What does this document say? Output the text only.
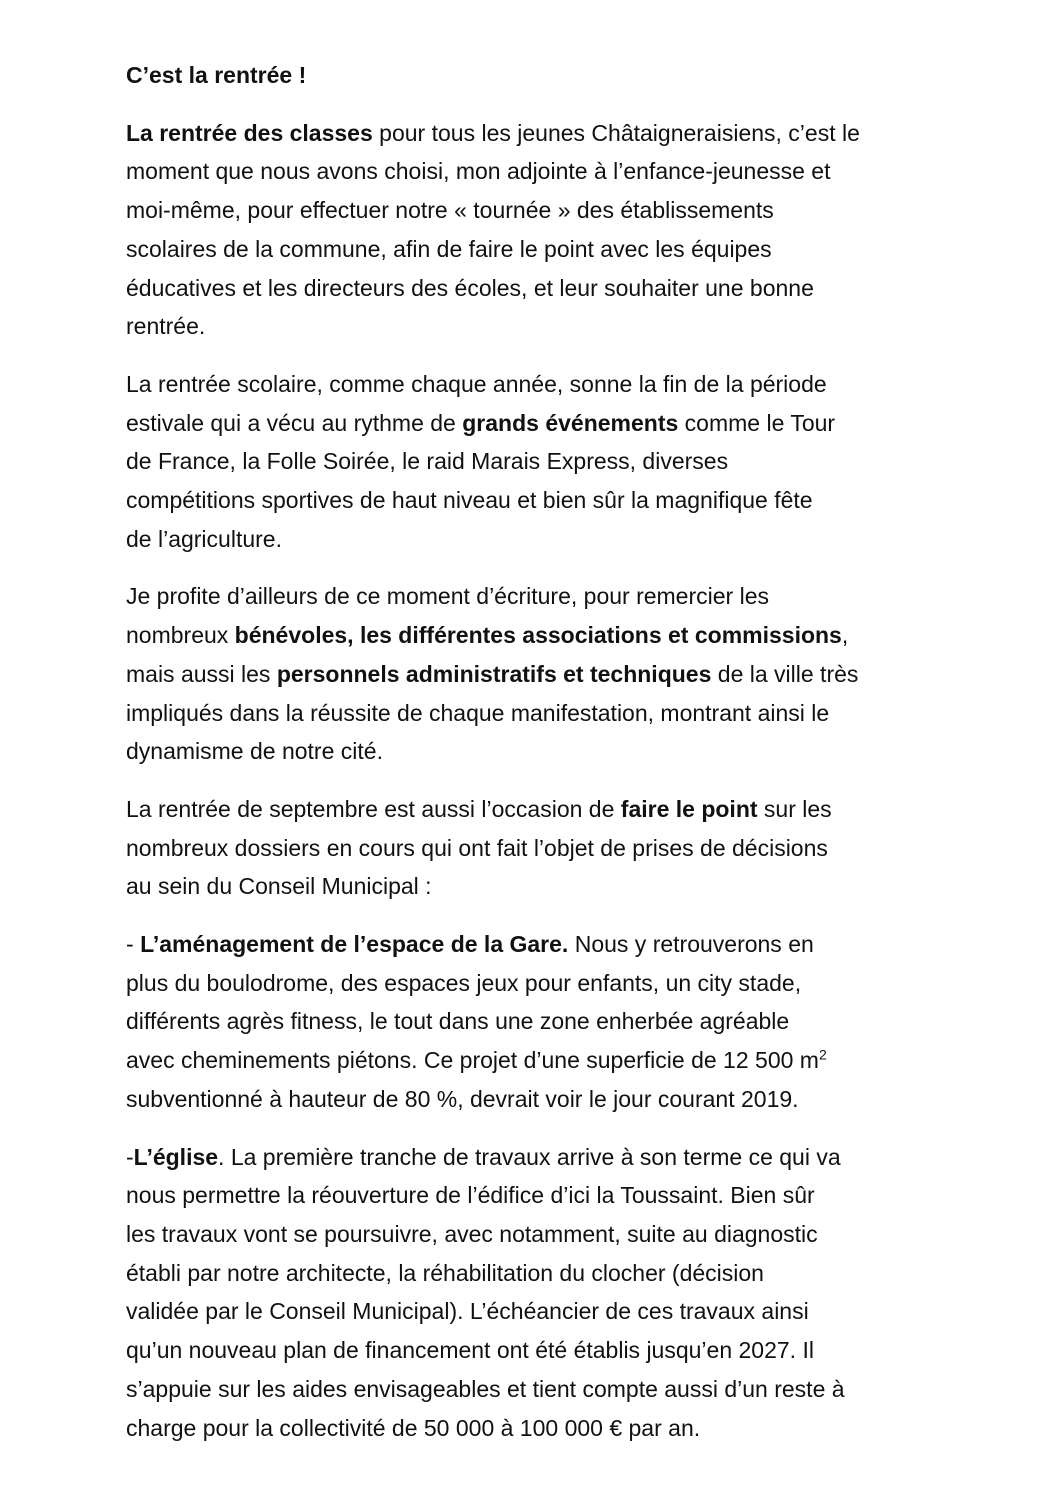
C’est la rentrée !
La rentrée des classes pour tous les jeunes Châtaigneraisiens, c’est le
moment que nous avons choisi, mon adjointe à l’enfance-jeunesse et
moi-même, pour effectuer notre « tournée » des établissements
scolaires de la commune, afin de faire le point avec les équipes
éducatives et les directeurs des écoles, et leur souhaiter une bonne
rentrée.
La rentrée scolaire, comme chaque année, sonne la fin de la période
estivale qui a vécu au rythme de grands événements comme le Tour
de France, la Folle Soirée, le raid Marais Express, diverses
compétitions sportives de haut niveau et bien sûr la magnifique fête
de l’agriculture.
Je profite d’ailleurs de ce moment d’écriture, pour remercier les
nombreux bénévoles, les différentes associations et commissions,
mais aussi les personnels administratifs et techniques de la ville très
impliqués dans la réussite de chaque manifestation, montrant ainsi le
dynamisme de notre cité.
La rentrée de septembre est aussi l’occasion de faire le point sur les
nombreux dossiers en cours qui ont fait l’objet de prises de décisions
au sein du Conseil Municipal :
- L’aménagement de l’espace de la Gare. Nous y retrouverons en
plus du boulodrome, des espaces jeux pour enfants, un city stade,
différents agrès fitness, le tout dans une zone enherbée agréable
avec cheminements piétons. Ce projet d’une superficie de 12 500 $m^2$
subventionné à hauteur de 80 %, devrait voir le jour courant 2019.
-L’église. La première tranche de travaux arrive à son terme ce qui va
nous permettre la réouverture de l’édifice d’ici la Toussaint. Bien sûr
les travaux vont se poursuivre, avec notamment, suite au diagnostic
établi par notre architecte, la réhabilitation du clocher (décision
validée par le Conseil Municipal). L’échéancier de ces travaux ainsi
qu’un nouveau plan de financement ont été établis jusqu’en 2027. Il
s’appuie sur les aides envisageables et tient compte aussi d’un reste à
charge pour la collectivité de 50 000 à 100 000 € par an.
